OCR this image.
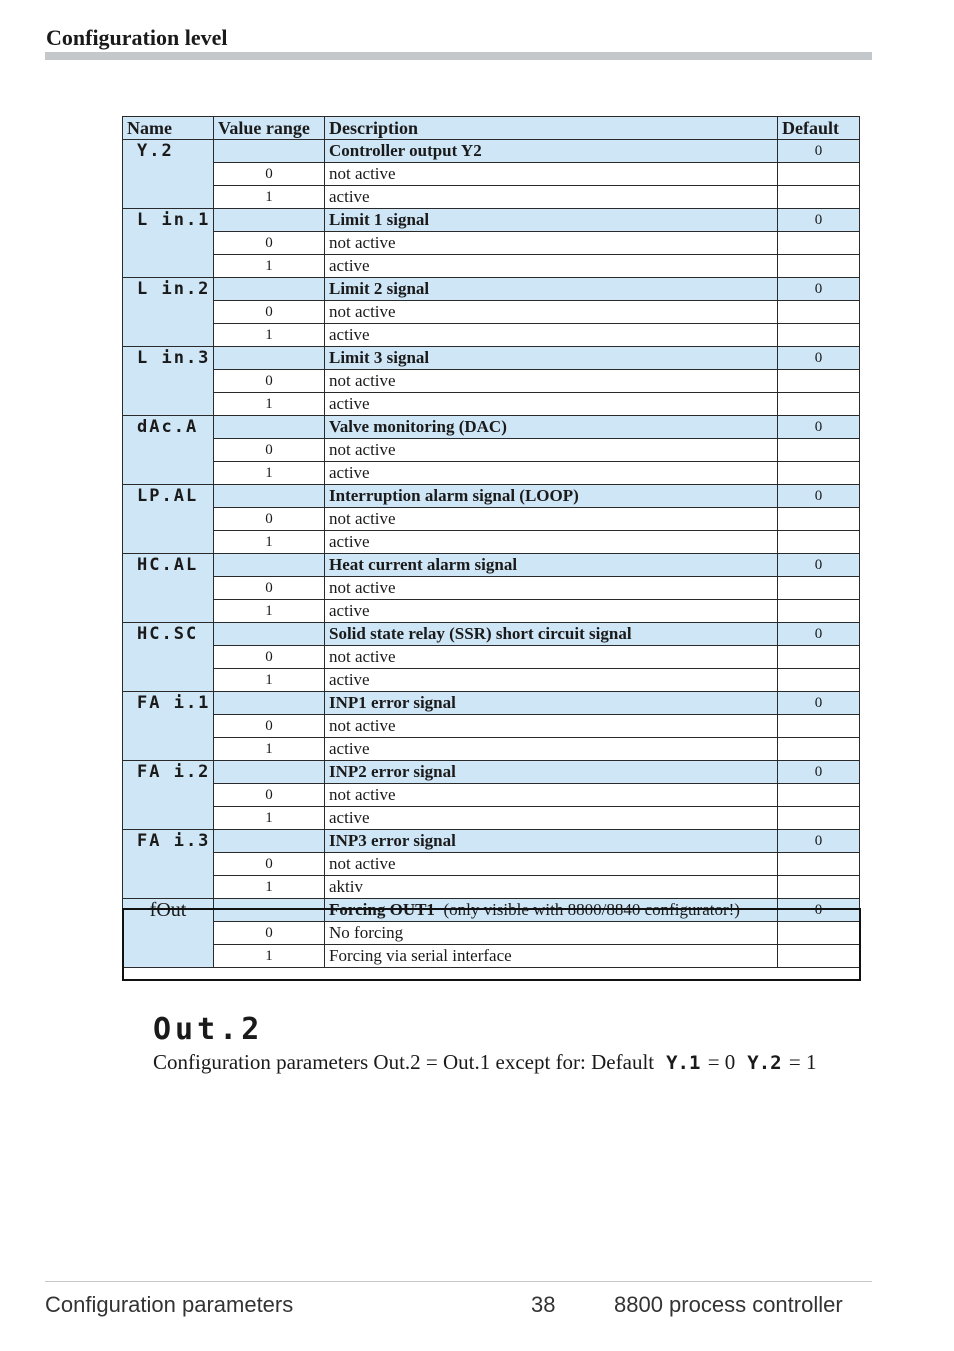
Configuration level
Name	Value range	Description	Default
Y.2		Controller output Y2	0
	0	not active	
	1	active	
L in.1		Limit 1 signal	0
	0	not active	
	1	active	
L in.2		Limit 2 signal	0
	0	not active	
	1	active	
L in.3		Limit 3 signal	0
	0	not active	
	1	active	
dAc.A		Valve monitoring (DAC)	0
	0	not active	
	1	active	
LP.AL		Interruption alarm signal (LOOP)	0
	0	not active	
	1	active	
HC.AL		Heat current alarm signal	0
	0	not active	
	1	active	
HC.SC		Solid state relay (SSR) short circuit signal	0
	0	not active	
	1	active	
FA i.1		INP1 error signal	0
	0	not active	
	1	active	
FA i.2		INP2 error signal	0
	0	not active	
	1	active	
FA i.3		INP3 error signal	0
	0	not active	
	1	aktiv	
fOut		Forcing OUT1 (only visible with 8800/8840 configurator!)	0
	0	No forcing	
	1	Forcing via serial interface	
Out.2
Configuration parameters Out.2 = Out.1 except for: Default Y.1 = 0 Y.2 = 1
Configuration parameters	38	8800 process controller
